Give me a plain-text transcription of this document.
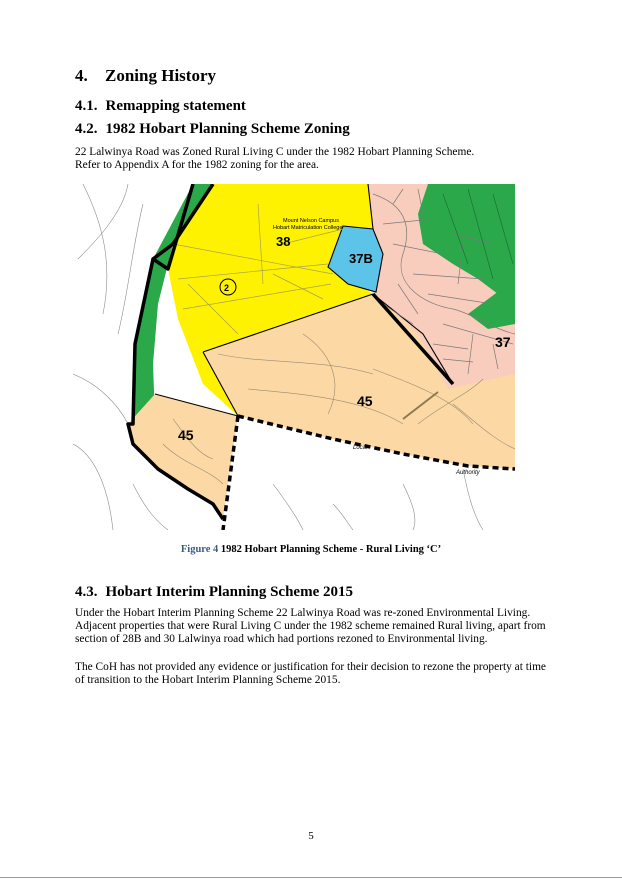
4. Zoning History
4.1. Remapping statement
4.2. 1982 Hobart Planning Scheme Zoning
22 Lalwinya Road was Zoned Rural Living C under the 1982 Hobart Planning Scheme.
Refer to Appendix A for the 1982 zoning for the area.
Mount Nelson Campus
Hobart Matriculation College
38
37B
2
37
45
45
Local
Authority
Figure 4 1982 Hobart Planning Scheme - Rural Living ‘C’
4.3. Hobart Interim Planning Scheme 2015
Under the Hobart Interim Planning Scheme 22 Lalwinya Road was re-zoned Environmental Living.
Adjacent properties that were Rural Living C under the 1982 scheme remained Rural living, apart from
section of 28B and 30 Lalwinya road which had portions rezoned to Environmental living.
The CoH has not provided any evidence or justification for their decision to rezone the property at time
of transition to the Hobart Interim Planning Scheme 2015.
5
